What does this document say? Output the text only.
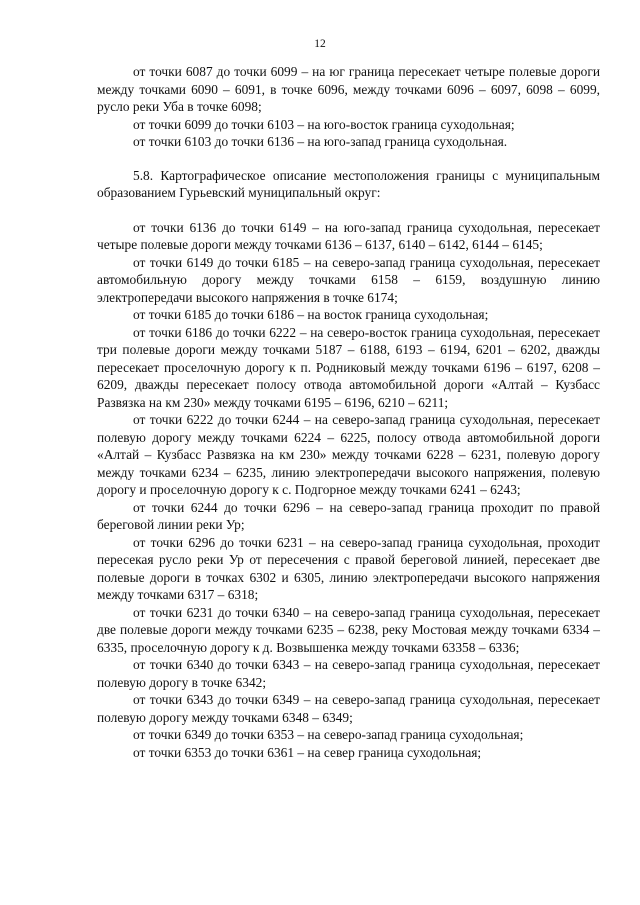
12

от точки 6087 до точки 6099 – на юг граница пересекает четыре полевые дороги между точками 6090 – 6091, в точке 6096, между точками 6096 – 6097, 6098 – 6099, русло реки Уба в точке 6098;

от точки 6099 до точки 6103 – на юго-восток граница суходольная;

от точки 6103 до точки 6136 – на юго-запад граница суходольная.

5.8. Картографическое описание местоположения границы с муниципальным образованием Гурьевский муниципальный округ:

от точки 6136 до точки 6149 – на юго-запад граница суходольная, пересекает четыре полевые дороги между точками 6136 – 6137, 6140 – 6142, 6144 – 6145;

от точки 6149 до точки 6185 – на северо-запад граница суходольная, пересекает автомобильную дорогу между точками 6158 – 6159, воздушную линию электропередачи высокого напряжения в точке 6174;

от точки 6185 до точки 6186 – на восток граница суходольная;

от точки 6186 до точки 6222 – на северо-восток граница суходольная, пересекает три полевые дороги между точками 5187 – 6188, 6193 – 6194, 6201 – 6202, дважды пересекает проселочную дорогу к п. Родниковый между точками 6196 – 6197, 6208 – 6209, дважды пересекает полосу отвода автомобильной дороги «Алтай – Кузбасс Развязка на км 230» между точками 6195 – 6196, 6210 – 6211;

от точки 6222 до точки 6244 – на северо-запад граница суходольная, пересекает полевую дорогу между точками 6224 – 6225, полосу отвода автомобильной дороги «Алтай – Кузбасс Развязка на км 230» между точками 6228 – 6231, полевую дорогу между точками 6234 – 6235, линию электропередачи высокого напряжения, полевую дорогу и проселочную дорогу к с. Подгорное между точками 6241 – 6243;

от точки 6244 до точки 6296 – на северо-запад граница проходит по правой береговой линии реки Ур;

от точки 6296 до точки 6231 – на северо-запад граница суходольная, проходит пересекая русло реки Ур от пересечения с правой береговой линией, пересекает две полевые дороги в точках 6302 и 6305, линию электропередачи высокого напряжения между точками 6317 – 6318;

от точки 6231 до точки 6340 – на северо-запад граница суходольная, пересекает две полевые дороги между точками 6235 – 6238, реку Мостовая между точками 6334 – 6335, проселочную дорогу к д. Возвышенка между точками 63358 – 6336;

от точки 6340 до точки 6343 – на северо-запад граница суходольная, пересекает полевую дорогу в точке 6342;

от точки 6343 до точки 6349 – на северо-запад граница суходольная, пересекает полевую дорогу между точками 6348 – 6349;

от точки 6349 до точки 6353 – на северо-запад граница суходольная;

от точки 6353 до точки 6361 – на север граница суходольная;
